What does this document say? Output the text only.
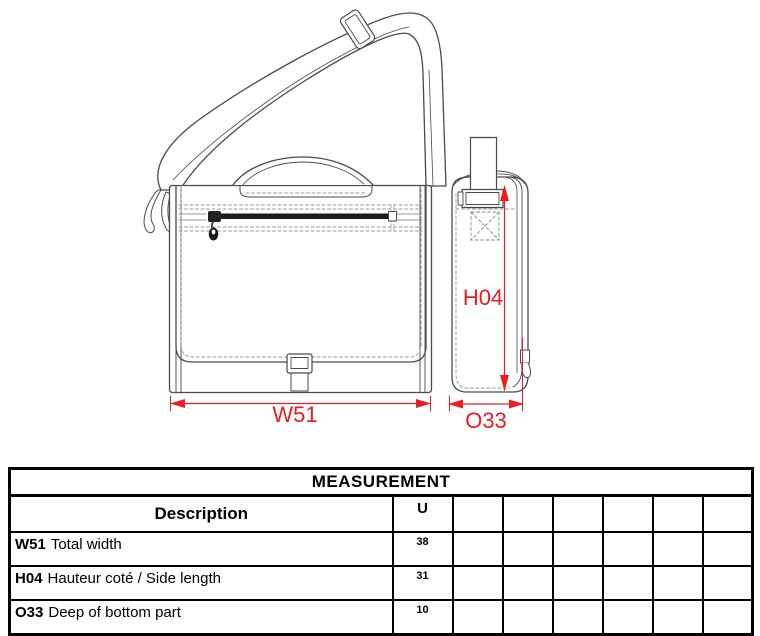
W51
H04
O33
MEASUREMENT							
Description	U						
W51 Total width	38						
H04 Hauteur coté / Side length	31						
O33 Deep of bottom part	10						
